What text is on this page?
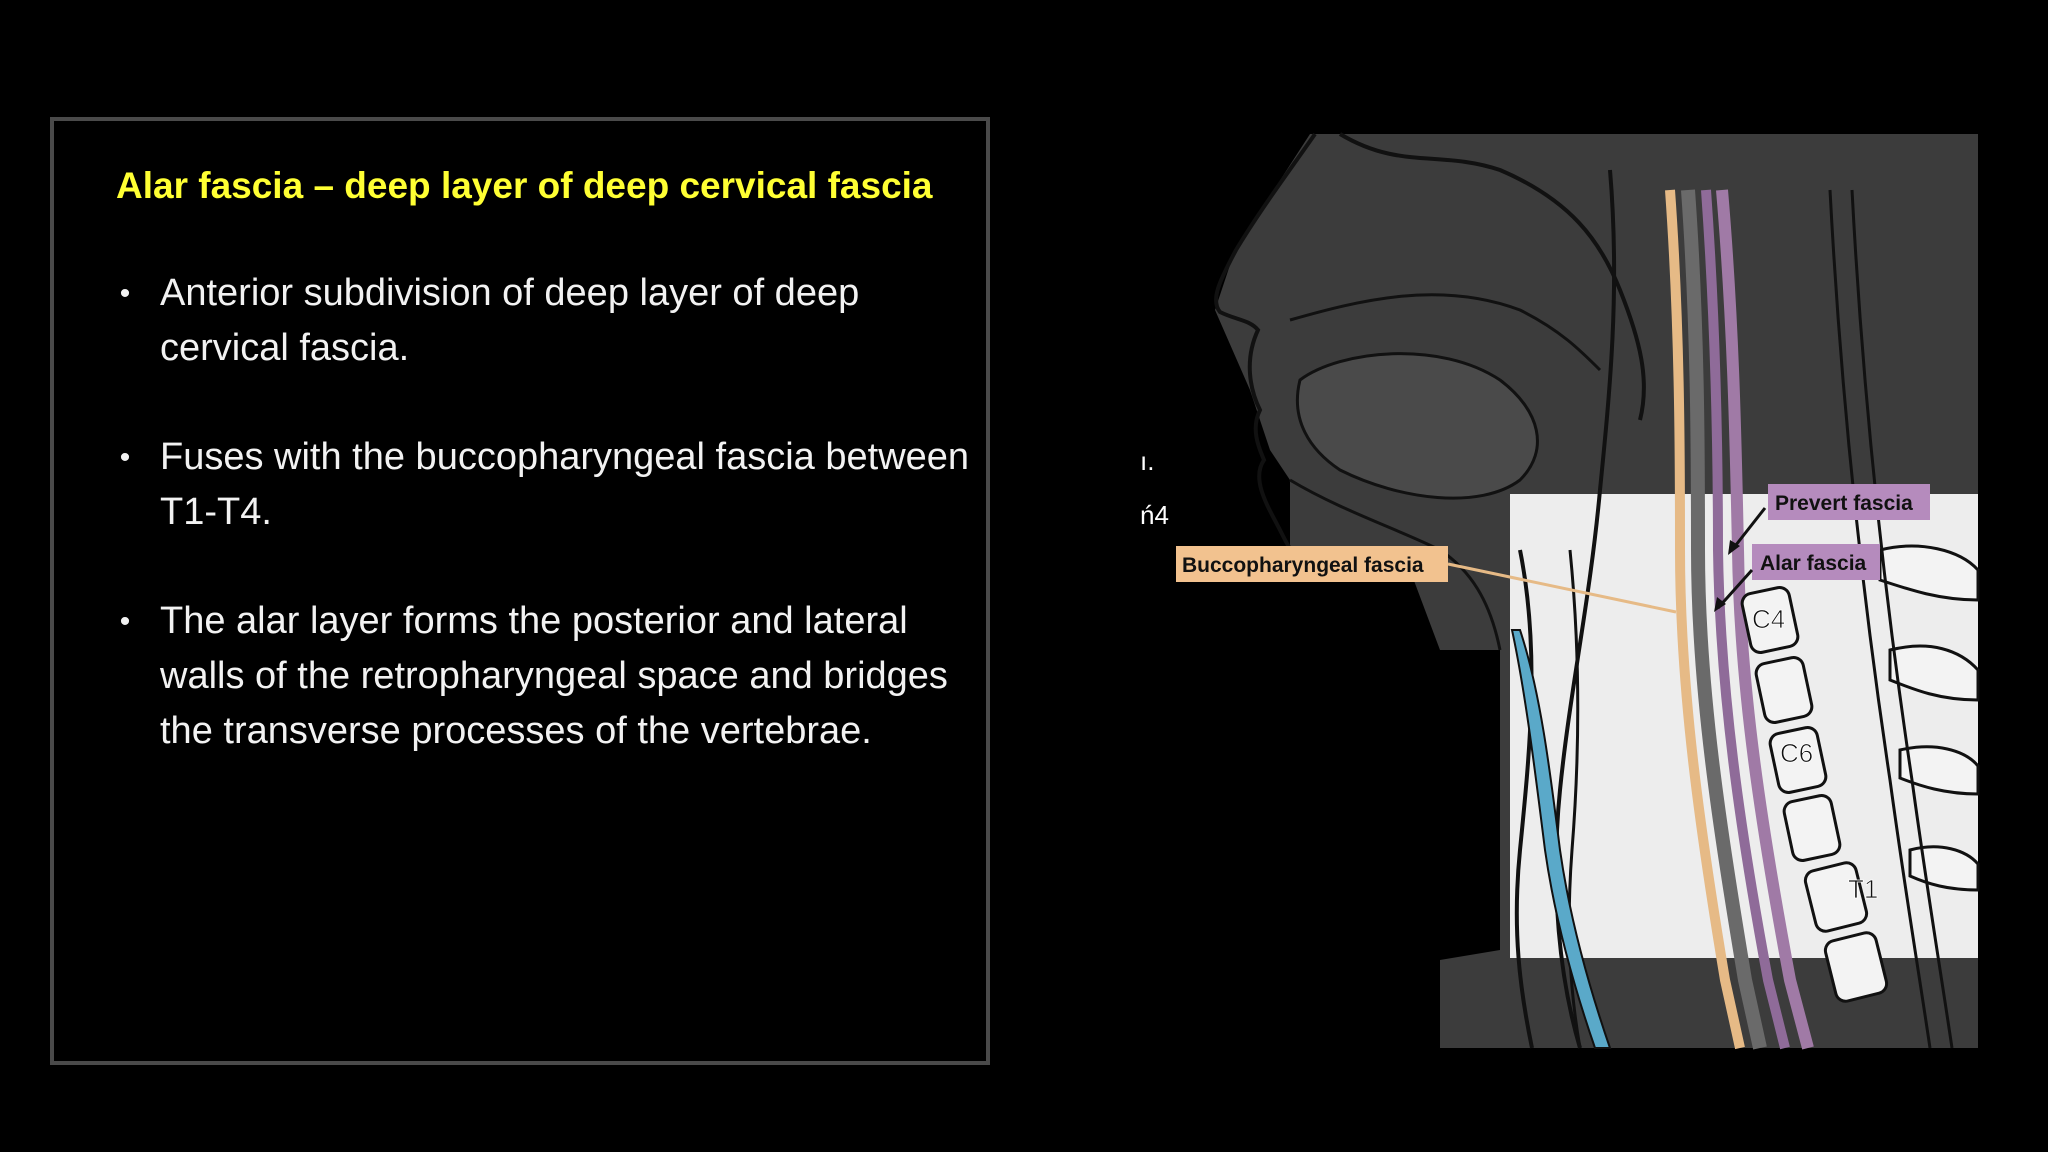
Alar fascia – deep layer of deep cervical fascia
• Anterior subdivision of deep layer of deep cervical fascia.
• Fuses with the buccopharyngeal fascia between T1-T4.
• The alar layer forms the posterior and lateral walls of the retropharyngeal space and bridges the transverse processes of the vertebrae.
ı.
ń4	Prevert fascia
Alar fascia
Buccopharyngeal fascia
C4
C6
T1
